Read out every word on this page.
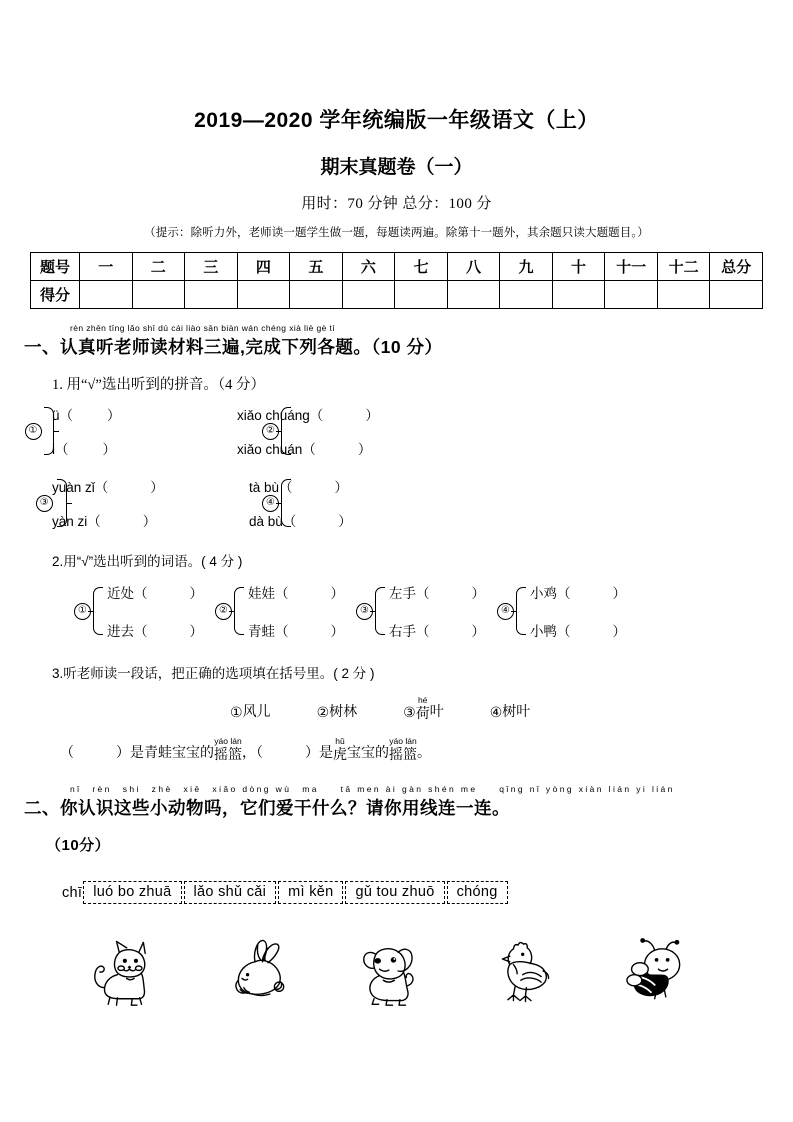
2019—2020 学年统编版一年级语文（上）
期末真题卷（一）

用时：70 分钟 总分：100 分

（提示：除听力外，老师读一题学生做一题，每题读两遍。除第十一题外，其余题只读大题题目。）

题号	一	二	三	四	五	六	七	八	九	十	十一	十二	总分
得分													
rèn zhēn tīng lǎo shī dú cái liào sān biàn wán chéng xià liè gè tí
一、认真听老师读材料三遍,完成下列各题。（10 分）
1. 用“√”选出听到的拼音。（4 分）
ü（	）
i（	）
①	②
xiǎo chuáng（	）
xiǎo chuán（	）
yuàn zǐ（	）
yàn zi（	）
③	④
tà bù（	）
dà bù（	）
2.用“√”选出听到的词语。( 4 分 )
①
近处（	）
进去（	）
②
娃娃（	）
青蛙（	）
③
左手（	）
右手（	）
④
小鸡（	）
小鸭（	）
3.听老师读一段话，把正确的选项填在括号里。( 2 分 )
① 风儿	② 树林	③
hé
荷 叶	④ 树叶
（	）是青蛙宝宝的
yáo lán
摇篮 ，（	）是
hǔ
虎 宝宝的
yáo lán
摇篮 。
nǐ　rèn　shi　zhè　xiē　xiǎo dòng wù　ma　　tā men ài gàn shén me　　qǐng nǐ yòng xiàn lián yi lián
二、你认识这些小动物吗，它们爱干什么？请你用线连一连。
（10分）
chī luó bo zhuā	lǎo shǔ cǎi	mì kěn	gǔ tou zhuō	chóng
